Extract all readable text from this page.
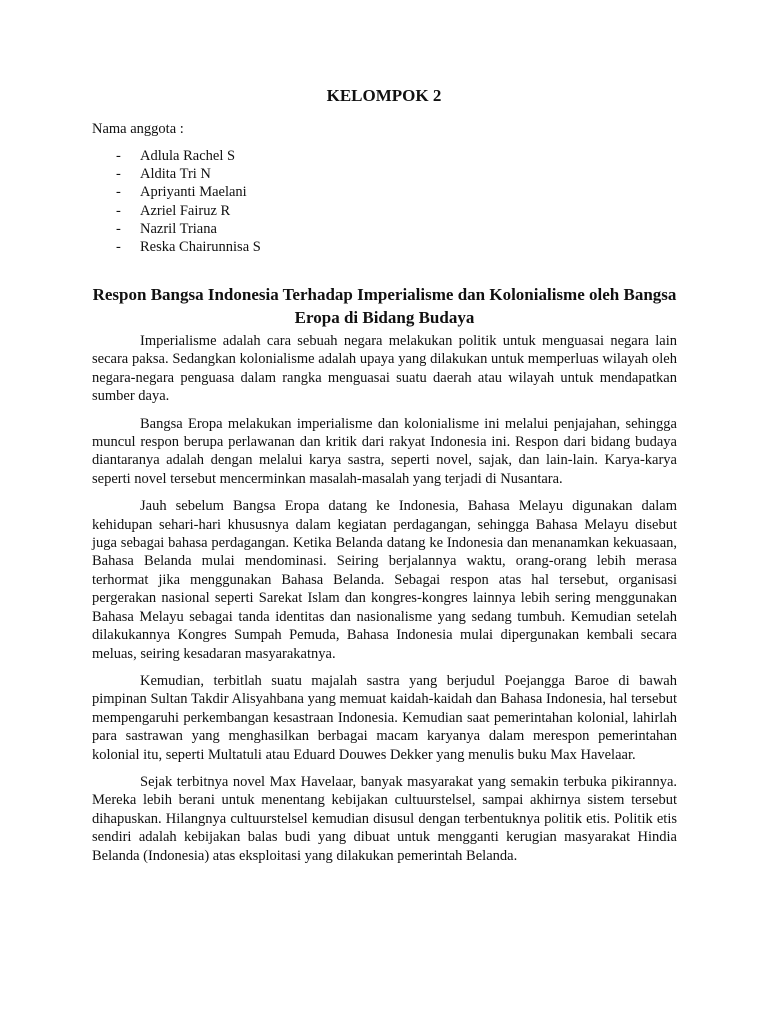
KELOMPOK 2

Nama anggota :

-	Adlula Rachel S
-	Aldita Tri N
-	Apriyanti Maelani
-	Azriel Fairuz R
-	Nazril Triana
-	Reska Chairunnisa S
Respon Bangsa Indonesia Terhadap Imperialisme dan Kolonialisme oleh Bangsa Eropa di Bidang Budaya

Imperialisme adalah cara sebuah negara melakukan politik untuk menguasai negara lain secara paksa. Sedangkan kolonialisme adalah upaya yang dilakukan untuk memperluas wilayah oleh negara-negara penguasa dalam rangka menguasai suatu daerah atau wilayah untuk mendapatkan sumber daya.

Bangsa Eropa melakukan imperialisme dan kolonialisme ini melalui penjajahan, sehingga muncul respon berupa perlawanan dan kritik dari rakyat Indonesia ini. Respon dari bidang budaya diantaranya adalah dengan melalui karya sastra, seperti novel, sajak, dan lain-lain. Karya-karya seperti novel tersebut mencerminkan masalah-masalah yang terjadi di Nusantara.

Jauh sebelum Bangsa Eropa datang ke Indonesia, Bahasa Melayu digunakan dalam kehidupan sehari-hari khususnya dalam kegiatan perdagangan, sehingga Bahasa Melayu disebut juga sebagai bahasa perdagangan. Ketika Belanda datang ke Indonesia dan menanamkan kekuasaan, Bahasa Belanda mulai mendominasi. Seiring berjalannya waktu, orang-orang lebih merasa terhormat jika menggunakan Bahasa Belanda. Sebagai respon atas hal tersebut, organisasi pergerakan nasional seperti Sarekat Islam dan kongres-kongres lainnya lebih sering menggunakan Bahasa Melayu sebagai tanda identitas dan nasionalisme yang sedang tumbuh. Kemudian setelah dilakukannya Kongres Sumpah Pemuda, Bahasa Indonesia mulai dipergunakan kembali secara meluas, seiring kesadaran masyarakatnya.

Kemudian, terbitlah suatu majalah sastra yang berjudul Poejangga Baroe di bawah pimpinan Sultan Takdir Alisyahbana yang memuat kaidah-kaidah dan Bahasa Indonesia, hal tersebut mempengaruhi perkembangan kesastraan Indonesia. Kemudian saat pemerintahan kolonial, lahirlah para sastrawan yang menghasilkan berbagai macam karyanya dalam merespon pemerintahan kolonial itu, seperti Multatuli atau Eduard Douwes Dekker yang menulis buku Max Havelaar.

Sejak terbitnya novel Max Havelaar, banyak masyarakat yang semakin terbuka pikirannya. Mereka lebih berani untuk menentang kebijakan cultuurstelsel, sampai akhirnya sistem tersebut dihapuskan. Hilangnya cultuurstelsel kemudian disusul dengan terbentuknya politik etis. Politik etis sendiri adalah kebijakan balas budi yang dibuat untuk mengganti kerugian masyarakat Hindia Belanda (Indonesia) atas eksploitasi yang dilakukan pemerintah Belanda.
